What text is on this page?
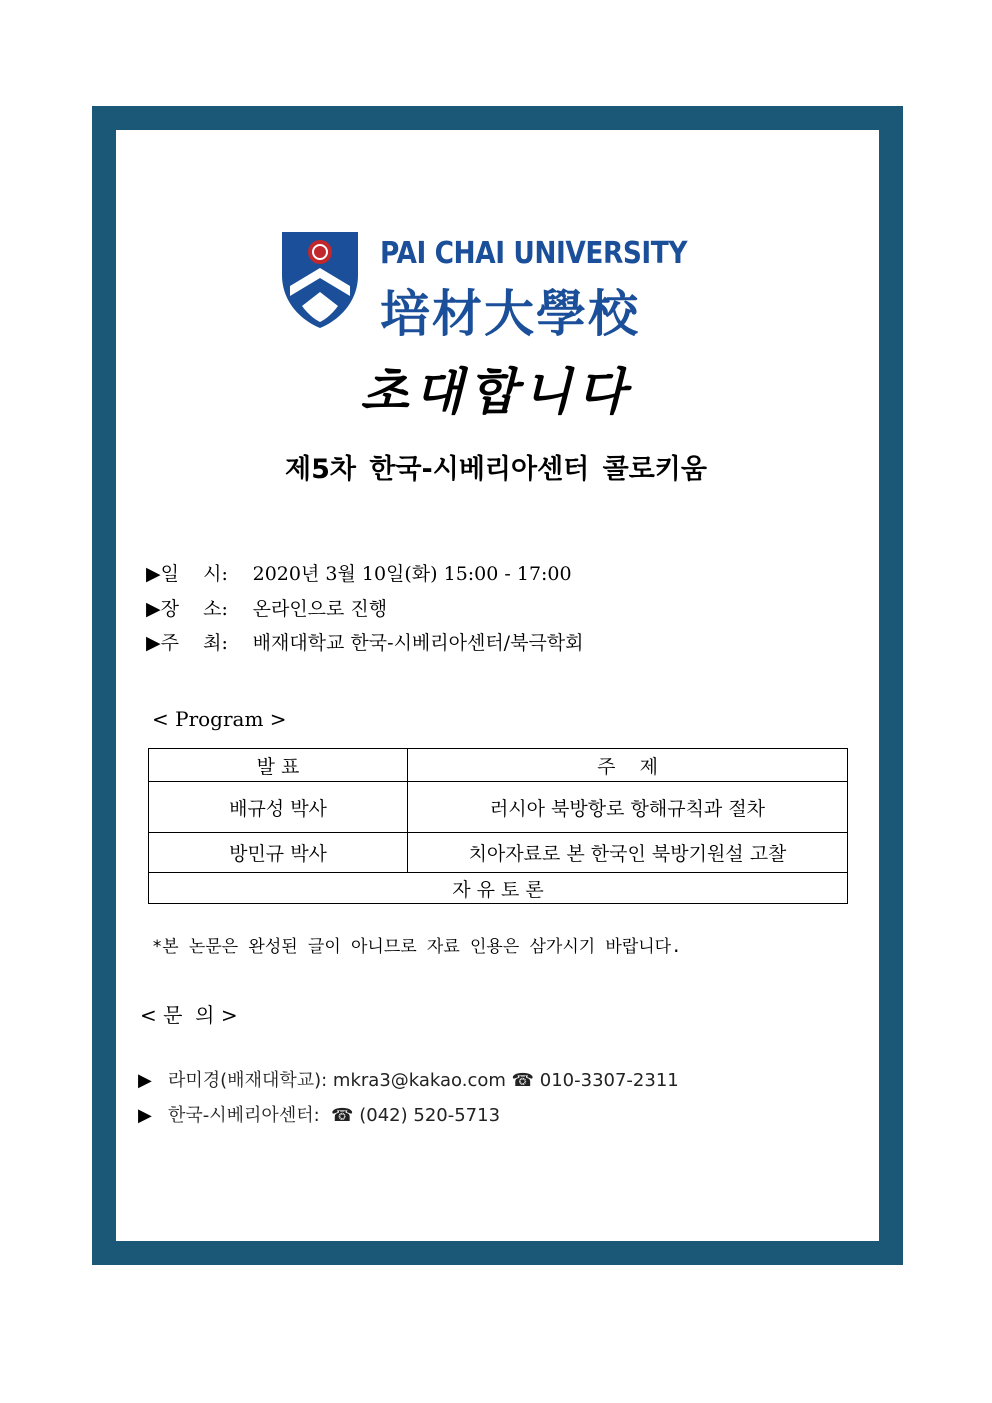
PAI CHAI UNIVERSITY
培材大學校
초대합니다
제5차 한국-시베리아센터 콜로키움
▶일    시: 2020년 3월 10일(화) 15:00 - 17:00
▶장    소: 온라인으로 진행
▶주    최: 배재대학교 한국-시베리아센터/북극학회
< Program >
발 표	주    제
배규성 박사	러시아 북방항로 항해규칙과 절차
방민규 박사	치아자료로 본 한국인 북방기원설 고찰
자 유 토 론	
*본 논문은 완성된 글이 아니므로 자료 인용은 삼가시기 바랍니다.
< 문  의 >
▶ 라미경(배재대학교): mkra3@kakao.com ☎ 010-3307-2311
▶ 한국-시베리아센터:  ☎ (042) 520-5713
